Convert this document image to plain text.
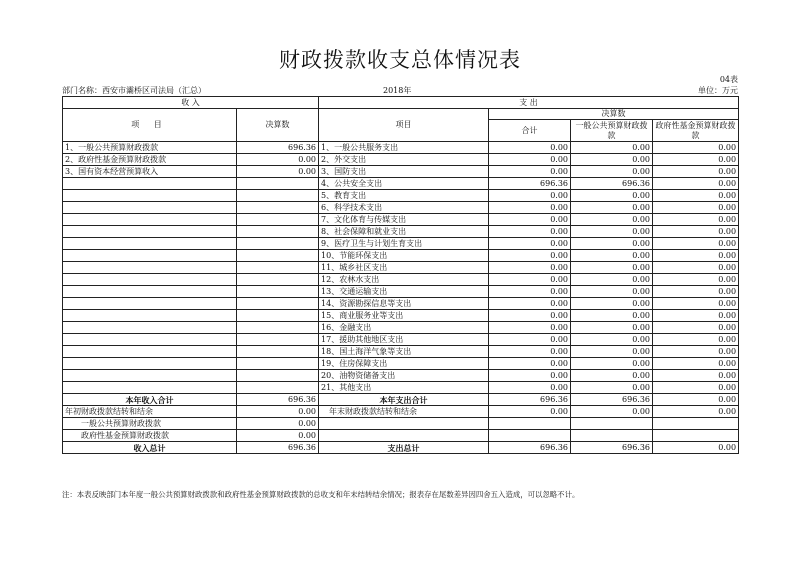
财政拨款收支总体情况表
04表
部门名称：西安市灞桥区司法局（汇总）	2018年	单位：万元
收 入		支 出			
项 目	决算数	项目	决算数		
			合计	一般公共预算财政拨款	政府性基金预算财政拨款
1、一般公共预算财政拨款	696.36	1、一般公共服务支出	0.00	0.00	0.00
2、政府性基金预算财政拨款	0.00	2、外交支出	0.00	0.00	0.00
3、国有资本经营预算收入	0.00	3、国防支出	0.00	0.00	0.00
		4、公共安全支出	696.36	696.36	0.00
		5、教育支出	0.00	0.00	0.00
		6、科学技术支出	0.00	0.00	0.00
		7、文化体育与传媒支出	0.00	0.00	0.00
		8、社会保障和就业支出	0.00	0.00	0.00
		9、医疗卫生与计划生育支出	0.00	0.00	0.00
		10、节能环保支出	0.00	0.00	0.00
		11、城乡社区支出	0.00	0.00	0.00
		12、农林水支出	0.00	0.00	0.00
		13、交通运输支出	0.00	0.00	0.00
		14、资源勘探信息等支出	0.00	0.00	0.00
		15、商业服务业等支出	0.00	0.00	0.00
		16、金融支出	0.00	0.00	0.00
		17、援助其他地区支出	0.00	0.00	0.00
		18、国土海洋气象等支出	0.00	0.00	0.00
		19、住房保障支出	0.00	0.00	0.00
		20、油物资储备支出	0.00	0.00	0.00
		21、其他支出	0.00	0.00	0.00
本年收入合计	696.36	本年支出合计	696.36	696.36	0.00
年初财政拨款结转和结余	0.00	年末财政拨款结转和结余	0.00	0.00	0.00
一般公共预算财政拨款	0.00				
政府性基金预算财政拨款	0.00				
收入总计	696.36	支出总计	696.36	696.36	0.00
注：本表反映部门本年度一般公共预算财政拨款和政府性基金预算财政拨款的总收支和年末结转结余情况；报表存在尾数差异因四舍五入造成，可以忽略不计。
